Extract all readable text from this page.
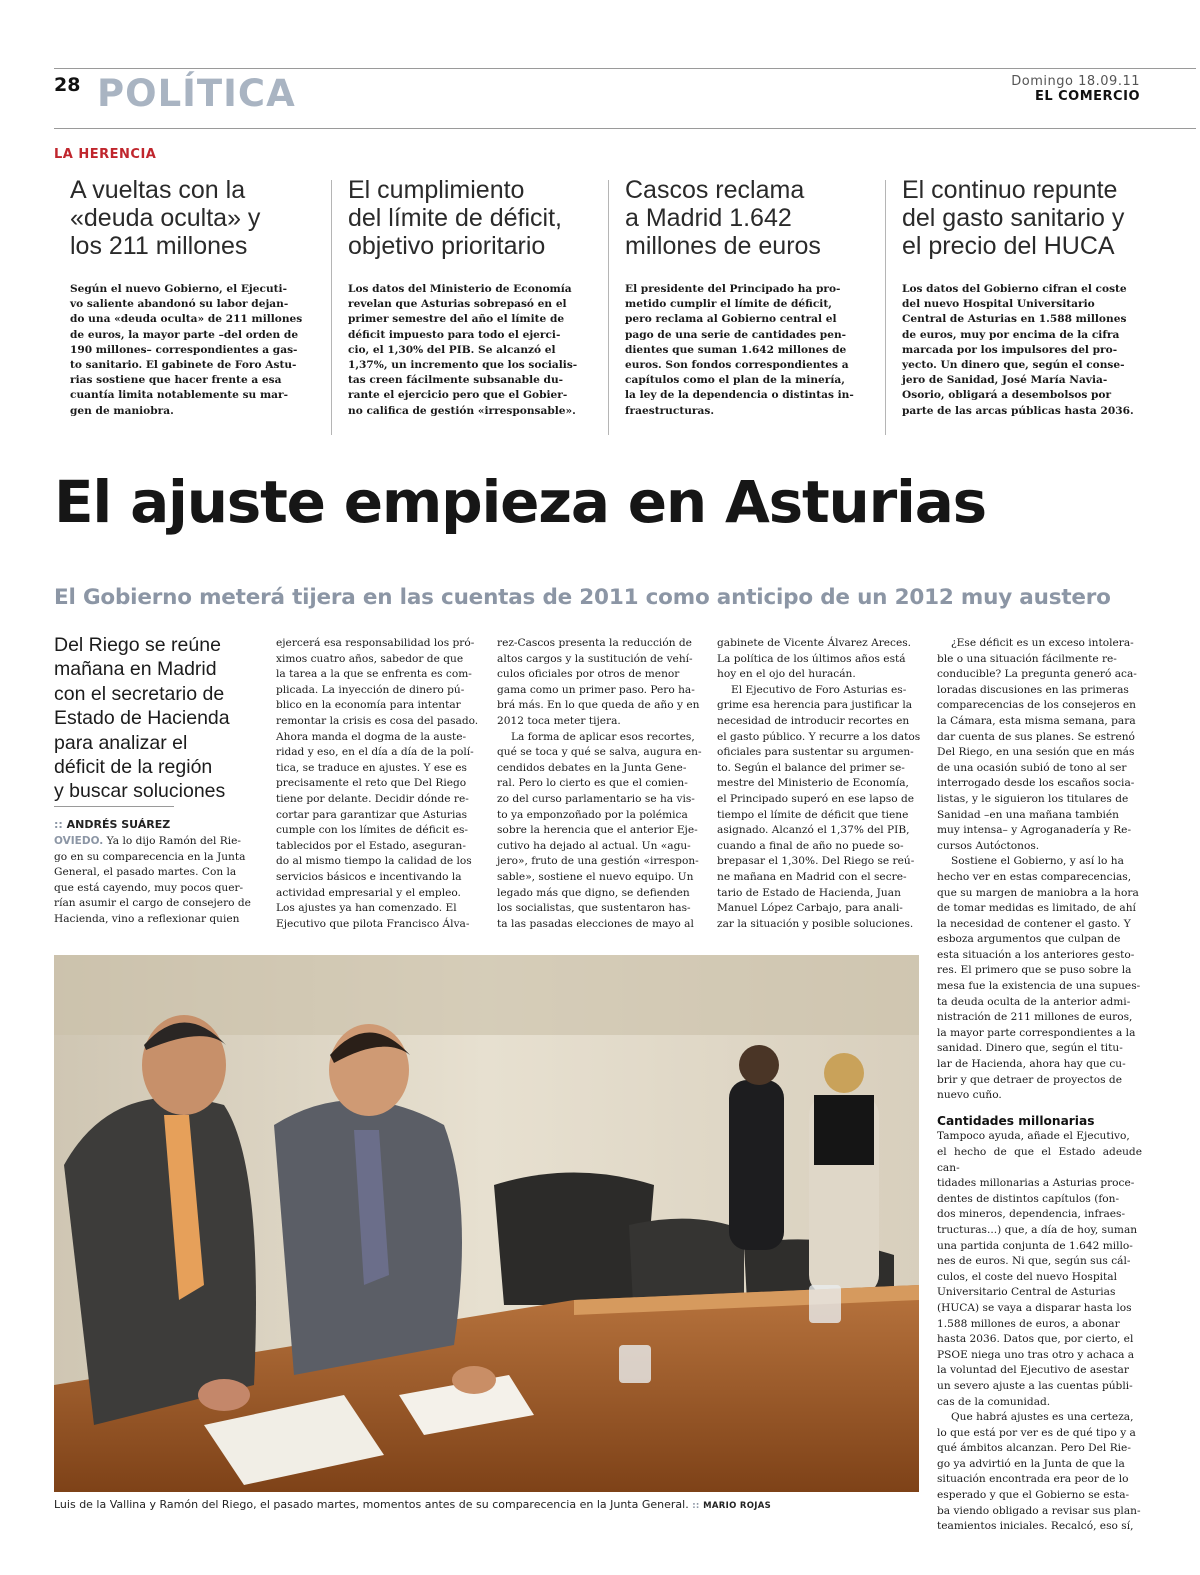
28 POLÍTICA	Domingo 18.09.11
EL COMERCIO
LA HERENCIA
A vueltas con la
«deuda oculta» y
los 211 millones
Según el nuevo Gobierno, el Ejecuti-
vo saliente abandonó su labor dejan-
do una «deuda oculta» de 211 millones
de euros, la mayor parte –del orden de
190 millones– correspondientes a gas-
to sanitario. El gabinete de Foro Astu-
rias sostiene que hacer frente a esa
cuantía limita notablemente su mar-
gen de maniobra.
El cumplimiento
del límite de déficit,
objetivo prioritario
Los datos del Ministerio de Economía
revelan que Asturias sobrepasó en el
primer semestre del año el límite de
déficit impuesto para todo el ejerci-
cio, el 1,30% del PIB. Se alcanzó el
1,37%, un incremento que los socialis-
tas creen fácilmente subsanable du-
rante el ejercicio pero que el Gobier-
no califica de gestión «irresponsable».
Cascos reclama
a Madrid 1.642
millones de euros
El presidente del Principado ha pro-
metido cumplir el límite de déficit,
pero reclama al Gobierno central el
pago de una serie de cantidades pen-
dientes que suman 1.642 millones de
euros. Son fondos correspondientes a
capítulos como el plan de la minería,
la ley de la dependencia o distintas in-
fraestructuras.
El continuo repunte
del gasto sanitario y
el precio del HUCA
Los datos del Gobierno cifran el coste
del nuevo Hospital Universitario
Central de Asturias en 1.588 millones
de euros, muy por encima de la cifra
marcada por los impulsores del pro-
yecto. Un dinero que, según el conse-
jero de Sanidad, José María Navia-
Osorio, obligará a desembolsos por
parte de las arcas públicas hasta 2036.
El ajuste empieza en Asturias
El Gobierno meterá tijera en las cuentas de 2011 como anticipo de un 2012 muy austero
Del Riego se reúne
mañana en Madrid
con el secretario de
Estado de Hacienda
para analizar el
déficit de la región
y buscar soluciones
:: ANDRÉS SUÁREZ
OVIEDO. Ya lo dijo Ramón del Rie-
go en su comparecencia en la Junta
General, el pasado martes. Con la
que está cayendo, muy pocos quer-
rían asumir el cargo de consejero de
Hacienda, vino a reflexionar quien
ejercerá esa responsabilidad los pró-
ximos cuatro años, sabedor de que
la tarea a la que se enfrenta es com-
plicada. La inyección de dinero pú-
blico en la economía para intentar
remontar la crisis es cosa del pasado.
Ahora manda el dogma de la auste-
ridad y eso, en el día a día de la polí-
tica, se traduce en ajustes. Y ese es
precisamente el reto que Del Riego
tiene por delante. Decidir dónde re-
cortar para garantizar que Asturias
cumple con los límites de déficit es-
tablecidos por el Estado, aseguran-
do al mismo tiempo la calidad de los
servicios básicos e incentivando la
actividad empresarial y el empleo.
Los ajustes ya han comenzado. El
Ejecutivo que pilota Francisco Álva-
rez-Cascos presenta la reducción de
altos cargos y la sustitución de vehí-
culos oficiales por otros de menor
gama como un primer paso. Pero ha-
brá más. En lo que queda de año y en
2012 toca meter tijera.
La forma de aplicar esos recortes,
qué se toca y qué se salva, augura en-
cendidos debates en la Junta Gene-
ral. Pero lo cierto es que el comien-
zo del curso parlamentario se ha vis-
to ya emponzoñado por la polémica
sobre la herencia que el anterior Eje-
cutivo ha dejado al actual. Un «agu-
jero», fruto de una gestión «irrespon-
sable», sostiene el nuevo equipo. Un
legado más que digno, se defienden
los socialistas, que sustentaron has-
ta las pasadas elecciones de mayo al
gabinete de Vicente Álvarez Areces.
La política de los últimos años está
hoy en el ojo del huracán.
El Ejecutivo de Foro Asturias es-
grime esa herencia para justificar la
necesidad de introducir recortes en
el gasto público. Y recurre a los datos
oficiales para sustentar su argumen-
to. Según el balance del primer se-
mestre del Ministerio de Economía,
el Principado superó en ese lapso de
tiempo el límite de déficit que tiene
asignado. Alcanzó el 1,37% del PIB,
cuando a final de año no puede so-
brepasar el 1,30%. Del Riego se reú-
ne mañana en Madrid con el secre-
tario de Estado de Hacienda, Juan
Manuel López Carbajo, para anali-
zar la situación y posible soluciones.
¿Ese déficit es un exceso intolera-
ble o una situación fácilmente re-
conducible? La pregunta generó aca-
loradas discusiones en las primeras
comparecencias de los consejeros en
la Cámara, esta misma semana, para
dar cuenta de sus planes. Se estrenó
Del Riego, en una sesión que en más
de una ocasión subió de tono al ser
interrogado desde los escaños socia-
listas, y le siguieron los titulares de
Sanidad –en una mañana también
muy intensa– y Agroganadería y Re-
cursos Autóctonos.
Sostiene el Gobierno, y así lo ha
hecho ver en estas comparecencias,
que su margen de maniobra a la hora
de tomar medidas es limitado, de ahí
la necesidad de contener el gasto. Y
esboza argumentos que culpan de
esta situación a los anteriores gesto-
res. El primero que se puso sobre la
mesa fue la existencia de una supues-
ta deuda oculta de la anterior admi-
nistración de 211 millones de euros,
la mayor parte correspondientes a la
sanidad. Dinero que, según el titu-
lar de Hacienda, ahora hay que cu-
brir y que detraer de proyectos de
nuevo cuño.
Cantidades millonarias
Tampoco ayuda, añade el Ejecutivo,
el hecho de que el Estado adeude can-
tidades millonarias a Asturias proce-
dentes de distintos capítulos (fon-
dos mineros, dependencia, infraes-
tructuras...) que, a día de hoy, suman
una partida conjunta de 1.642 millo-
nes de euros. Ni que, según sus cál-
culos, el coste del nuevo Hospital
Universitario Central de Asturias
(HUCA) se vaya a disparar hasta los
1.588 millones de euros, a abonar
hasta 2036. Datos que, por cierto, el
PSOE niega uno tras otro y achaca a
la voluntad del Ejecutivo de asestar
un severo ajuste a las cuentas públi-
cas de la comunidad.
Que habrá ajustes es una certeza,
lo que está por ver es de qué tipo y a
qué ámbitos alcanzan. Pero Del Rie-
go ya advirtió en la Junta de que la
situación encontrada era peor de lo
esperado y que el Gobierno se esta-
ba viendo obligado a revisar sus plan-
teamientos iniciales. Recalcó, eso sí,
Luis de la Vallina y Ramón del Riego, el pasado martes, momentos antes de su comparecencia en la Junta General. :: MARIO ROJAS
